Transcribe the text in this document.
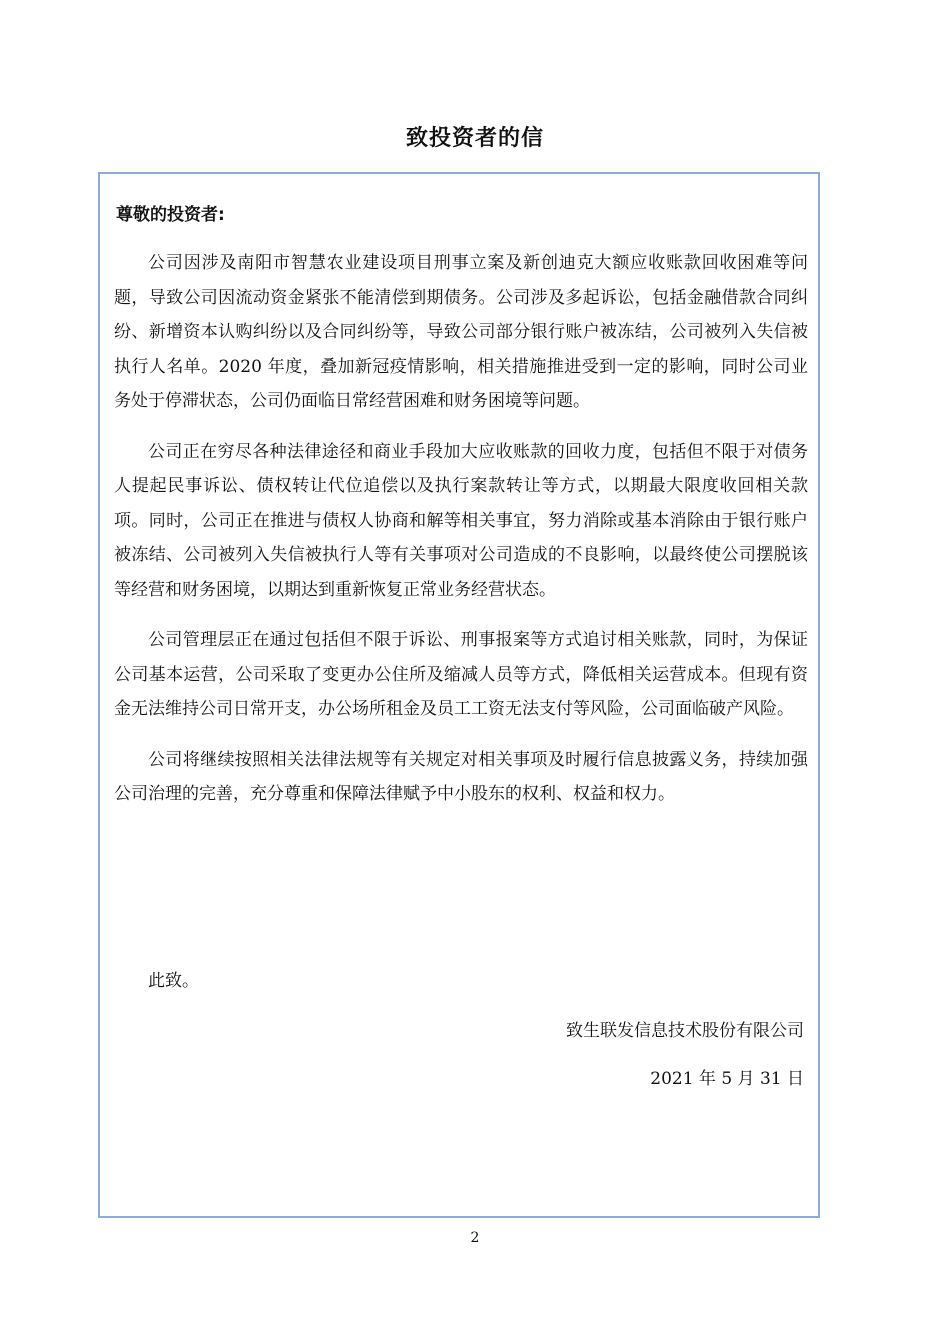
致投资者的信
尊敬的投资者:

公司因涉及南阳市智慧农业建设项目刑事立案及新创迪克大额应收账款回收困难等问题，导致公司因流动资金紧张不能清偿到期债务。公司涉及多起诉讼，包括金融借款合同纠纷、新增资本认购纠纷以及合同纠纷等，导致公司部分银行账户被冻结，公司被列入失信被执行人名单。2020 年度，叠加新冠疫情影响，相关措施推进受到一定的影响，同时公司业务处于停滞状态，公司仍面临日常经营困难和财务困境等问题。

公司正在穷尽各种法律途径和商业手段加大应收账款的回收力度，包括但不限于对债务人提起民事诉讼、债权转让代位追偿以及执行案款转让等方式，以期最大限度收回相关款项。同时，公司正在推进与债权人协商和解等相关事宜，努力消除或基本消除由于银行账户被冻结、公司被列入失信被执行人等有关事项对公司造成的不良影响，以最终使公司摆脱该等经营和财务困境，以期达到重新恢复正常业务经营状态。

公司管理层正在通过包括但不限于诉讼、刑事报案等方式追讨相关账款，同时，为保证公司基本运营，公司采取了变更办公住所及缩减人员等方式，降低相关运营成本。但现有资金无法维持公司日常开支，办公场所租金及员工工资无法支付等风险，公司面临破产风险。

公司将继续按照相关法律法规等有关规定对相关事项及时履行信息披露义务，持续加强公司治理的完善，充分尊重和保障法律赋予中小股东的权利、权益和权力。

此致。
致生联发信息技术股份有限公司
2021 年 5 月 31 日
2
